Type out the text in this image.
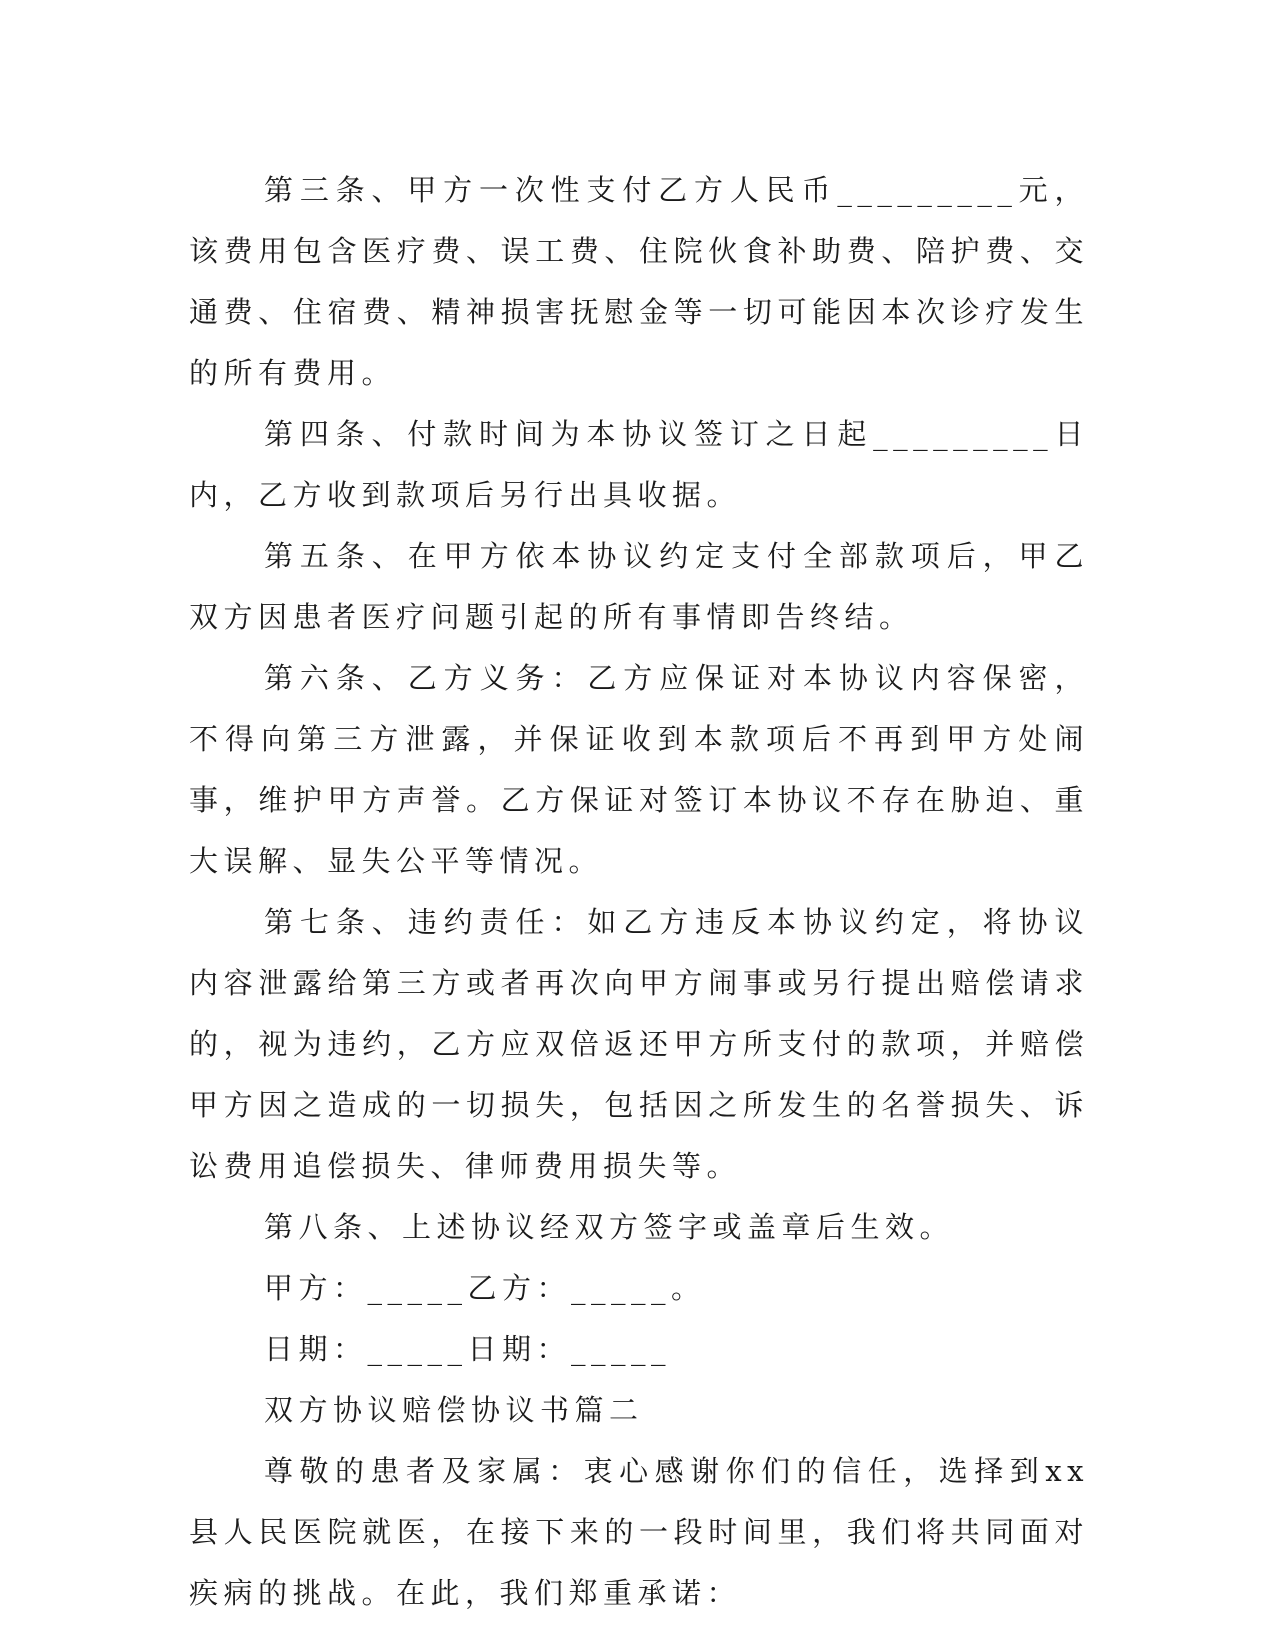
第三条、甲方一次性支付乙方人民币_________元，该费用包含医疗费、误工费、住院伙食补助费、陪护费、交通费、住宿费、精神损害抚慰金等一切可能因本次诊疗发生的所有费用。

第四条、付款时间为本协议签订之日起_________日内，乙方收到款项后另行出具收据。

第五条、在甲方依本协议约定支付全部款项后，甲乙双方因患者医疗问题引起的所有事情即告终结。

第六条、乙方义务：乙方应保证对本协议内容保密，不得向第三方泄露，并保证收到本款项后不再到甲方处闹事，维护甲方声誉。乙方保证对签订本协议不存在胁迫、重大误解、显失公平等情况。

第七条、违约责任：如乙方违反本协议约定，将协议内容泄露给第三方或者再次向甲方闹事或另行提出赔偿请求的，视为违约，乙方应双倍返还甲方所支付的款项，并赔偿甲方因之造成的一切损失，包括因之所发生的名誉损失、诉讼费用追偿损失、律师费用损失等。

第八条、上述协议经双方签字或盖章后生效。

甲方：_____乙方：_____。

日期：_____日期：_____

双方协议赔偿协议书篇二

尊敬的患者及家属：衷心感谢你们的信任，选择到xx县人民医院就医，在接下来的一段时间里，我们将共同面对疾病的挑战。在此，我们郑重承诺：
